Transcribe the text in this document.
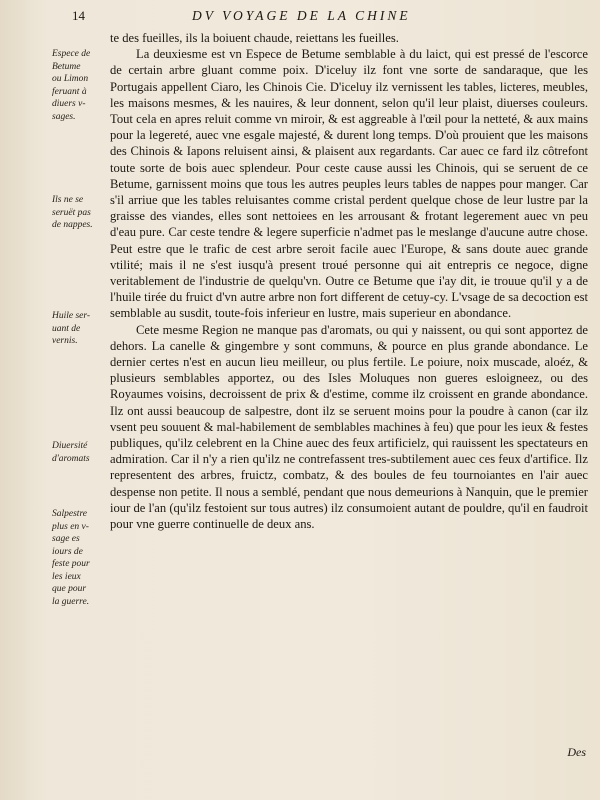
14	DV VOYAGE DE LA CHINE
Espece de
Betume
ou Limon
feruant à
diuers v-
sages.
Ils ne se
seruët pas
de nappes.
Huile ser-
uant de
vernis.
Diuersité
d'aromats
Salpestre
plus en v-
sage es
iours de
feste pour
les ieux
que pour
la guerre.

te des fueilles, ils la boiuent chaude, reiettans les fueilles.

La deuxiesme est vn Espece de Betume semblable à du laict, qui est pressé de l'escorce de certain arbre gluant comme poix. D'iceluy ilz font vne sorte de sandaraque, que les Portugais appellent Ciaro, les Chinois Cie. D'iceluy ilz vernissent les tables, licteres, meubles, les maisons mesmes, & les nauires, & leur donnent, selon qu'il leur plaist, diuerses couleurs. Tout cela en apres reluit comme vn miroir, & est aggreable à l'œil pour la netteté, & aux mains pour la legereté, auec vne esgale majesté, & durent long temps. D'où prouient que les maisons des Chinois & Iapons reluisent ainsi, & plaisent aux regardants. Car auec ce fard ilz côtrefont toute sorte de bois auec splendeur. Pour ceste cause aussi les Chinois, qui se seruent de ce Betume, garnissent moins que tous les autres peuples leurs tables de nappes pour manger. Car s'il arriue que les tables reluisantes comme cristal perdent quelque chose de leur lustre par la graisse des viandes, elles sont nettoiees en les arrousant & frotant legerement auec vn peu d'eau pure. Car ceste tendre & legere superficie n'admet pas le meslange d'aucune autre chose. Peut estre que le trafic de cest arbre seroit facile auec l'Europe, & sans doute auec grande vtilité; mais il ne s'est iusqu'à present troué personne qui ait entrepris ce negoce, digne veritablement de l'industrie de quelqu'vn. Outre ce Betume que i'ay dit, ie trouue qu'il y a de l'huile tirée du fruict d'vn autre arbre non fort different de cetuy-cy. L'vsage de sa decoction est semblable au susdit, toute-fois inferieur en lustre, mais superieur en abondance.

Cete mesme Region ne manque pas d'aromats, ou qui y naissent, ou qui sont apportez de dehors. La canelle & gingembre y sont communs, & pource en plus grande abondance. Le dernier certes n'est en aucun lieu meilleur, ou plus fertile. Le poiure, noix muscade, aloéz, & plusieurs semblables apportez, ou des Isles Moluques non gueres esloigneez, ou des Royaumes voisins, decroissent de prix & d'estime, comme ilz croissent en grande abondance. Ilz ont aussi beaucoup de salpestre, dont ilz se seruent moins pour la poudre à canon (car ilz vsent peu souuent & mal-habilement de semblables machines à feu) que pour les ieux & festes publiques, qu'ilz celebrent en la Chine auec des feux artificielz, qui rauissent les spectateurs en admiration. Car il n'y a rien qu'ilz ne contrefassent tres-subtilement auec ces feux d'artifice. Ilz representent des arbres, fruictz, combatz, & des boules de feu tournoiantes en l'air auec despense non petite. Il nous a semblé, pendant que nous demeurions à Nanquin, que le premier iour de l'an (qu'ilz festoient sur tous autres) ilz consumoient autant de pouldre, qu'il en faudroit pour vne guerre continuelle de deux ans.

Des
